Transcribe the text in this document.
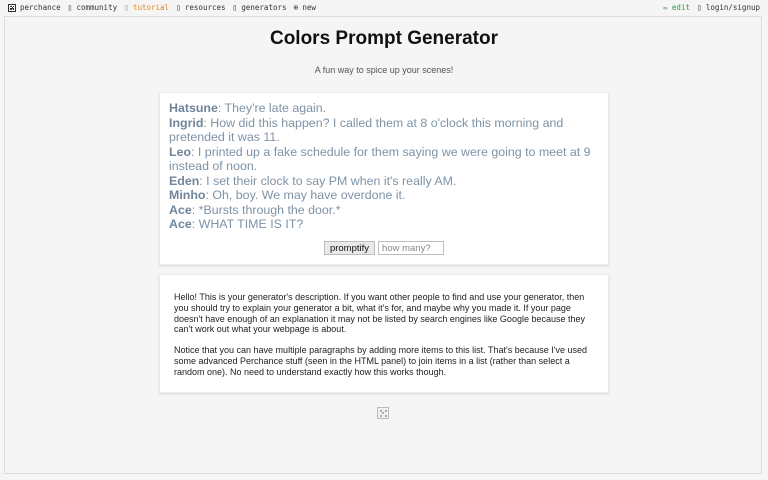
perchance ▯ community ▯ tutorial ▯ resources ▯ generators ⊕ new	✏ edit ▯ login/signup
Colors Prompt Generator
A fun way to spice up your scenes!
Hatsune: They're late again.
Ingrid: How did this happen? I called them at 8 o'clock this morning and pretended it was 11.
Leo: I printed up a fake schedule for them saying we were going to meet at 9 instead of noon.
Eden: I set their clock to say PM when it's really AM.
Minho: Oh, boy. We may have overdone it.
Ace: *Bursts through the door.*
Ace: WHAT TIME IS IT?
promptify
how many?

Hello! This is your generator's description. If you want other people to find and use your generator, then you should try to explain your generator a bit, what it's for, and maybe why you made it. If your page doesn't have enough of an explanation it may not be listed by search engines like Google because they can't work out what your webpage is about.

Notice that you can have multiple paragraphs by adding more items to this list. That's because I've used some advanced Perchance stuff (seen in the HTML panel) to join items in a list (rather than select a random one). No need to understand exactly how this works though.
